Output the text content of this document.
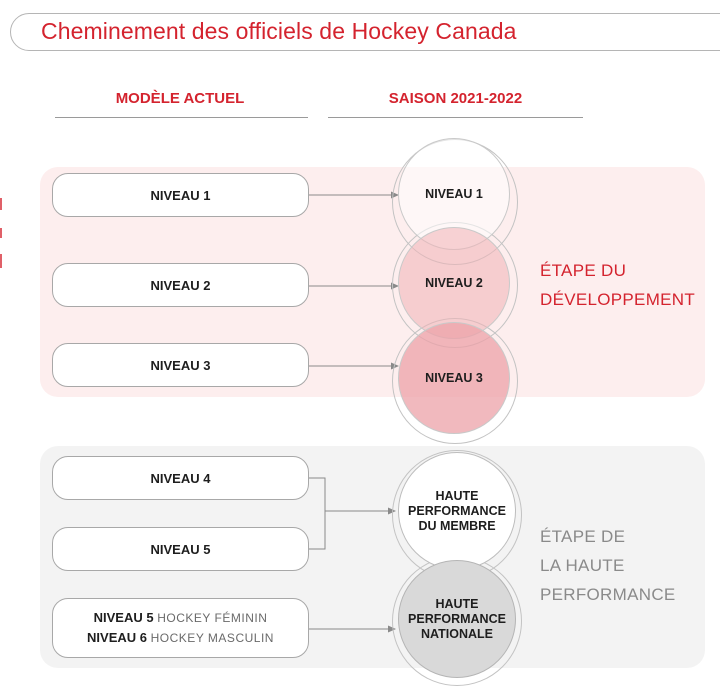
Cheminement des officiels de Hockey Canada
MODÈLE ACTUEL	SAISON 2021-2022
NIVEAU 1
NIVEAU 2
NIVEAU 3
NIVEAU 4
NIVEAU 5
NIVEAU 5 HOCKEY FÉMININ
NIVEAU 6 HOCKEY MASCULIN
NIVEAU 1
NIVEAU 2
NIVEAU 3
HAUTE
PERFORMANCE
DU MEMBRE
HAUTE
PERFORMANCE
NATIONALE
ÉTAPE DU
DÉVELOPPEMENT
ÉTAPE DE
LA HAUTE
PERFORMANCE
